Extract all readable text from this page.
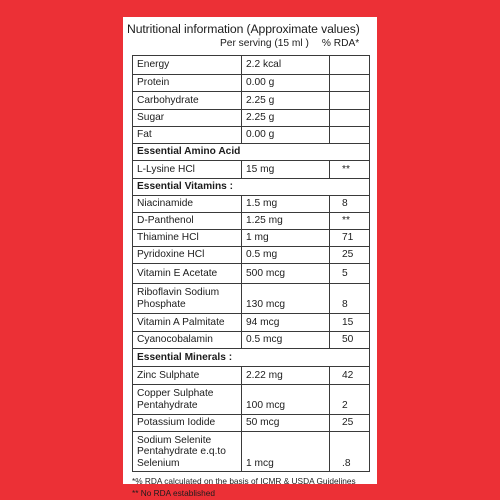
Nutritional information (Approximate values)
Per serving (15 ml ) % RDA*
Energy	2.2 kcal
Protein	0.00 g
Carbohydrate	2.25 g
Sugar	2.25 g
Fat	0.00 g
Essential Amino Acid
L-Lysine HCl	15 mg	**
Essential Vitamins :
Niacinamide	1.5 mg	8
D-Panthenol	1.25 mg	**
Thiamine HCl	1 mg	71
Pyridoxine HCl	0.5 mg	25
Vitamin E Acetate	500 mcg	5
Riboflavin Sodium
Phosphate	130 mcg	8
Vitamin A Palmitate	94 mcg	15
Cyanocobalamin	0.5 mcg	50
Essential Minerals :
Zinc Sulphate	2.22 mg	42
Copper Sulphate
Pentahydrate	100 mcg	2
Potassium Iodide	50 mcg	25
Sodium Selenite
Pentahydrate e.q.to
Selenium	1 mcg	.8
*% RDA calculated on the basis of ICMR & USDA Guidelines
** No RDA established
